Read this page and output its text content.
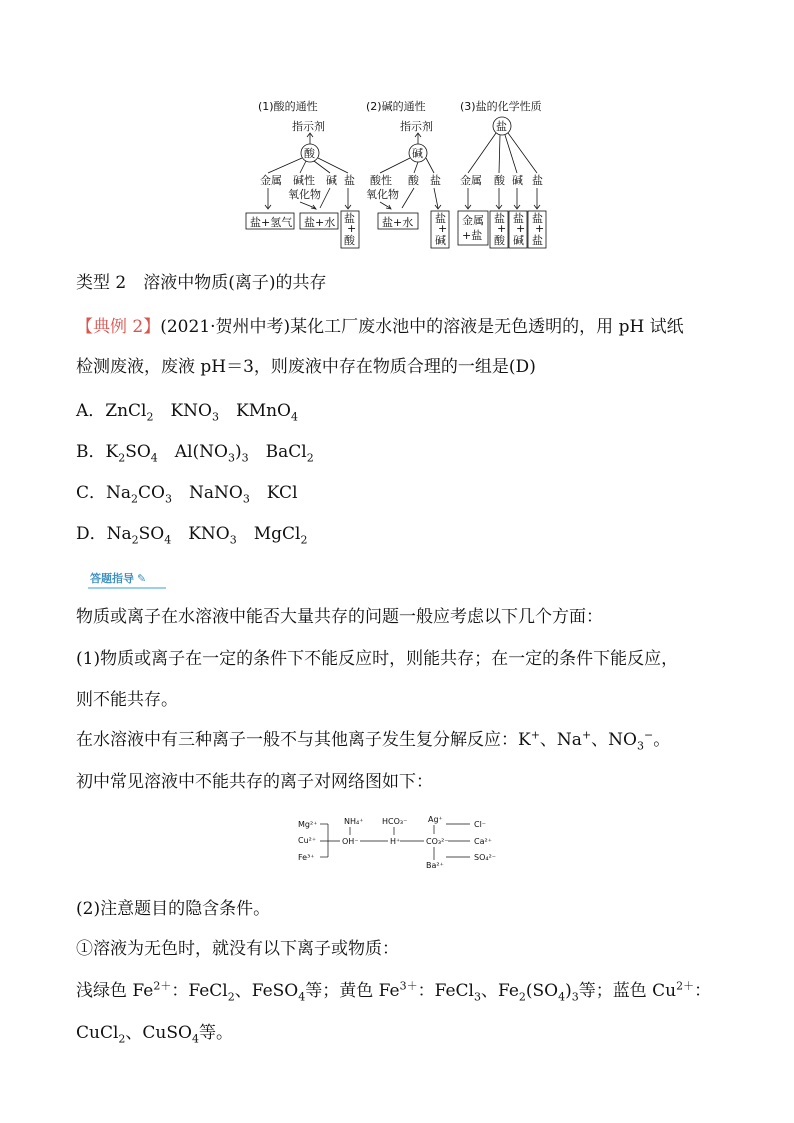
(1)酸的通性
指示剂
酸
金属 碱性
氧化物
碱 盐
盐+氢气 盐+水 盐
+
酸
(2)碱的通性
指示剂
碱
酸性
氧化物
酸 盐
盐+水 盐
+
碱
(3)盐的化学性质
盐
金属 酸 碱 盐
金属
+盐
盐
+
酸
盐
+
碱
盐
+
盐
类型 2　溶液中物质(离子)的共存
【典例 2】(2021·贺州中考)某化工厂废水池中的溶液是无色透明的，用 pH 试纸
检测废液，废液 pH＝3，则废液中存在物质合理的一组是(D)
A．ZnCl$_2$　$KNO_3$　KMnO$_4$
B．$K_2SO_4$　$Al(NO_3)_3$　BaCl$_2$
C．$Na_2CO_3$　NaNO$_3$　KCl
D．$Na_2SO_4$　$KNO_3$　MgCl$_2$
答题指导 ✎
物质或离子在水溶液中能否大量共存的问题一般应考虑以下几个方面：
(1)物质或离子在一定的条件下不能反应时，则能共存；在一定的条件下能反应，
则不能共存。
在水溶液中有三种离子一般不与其他离子发生复分解反应：K+、Na+、$NO_3^-$。
初中常见溶液中不能共存的离子对网络图如下：
Mg²⁺
Cu²⁺
Fe³⁺
NH₄⁺
OH⁻
HCO₃⁻
H⁺
Ag⁺
CO₃²⁻
Ba²⁺
Cl⁻
Ca²⁺
SO₄²⁻
(2)注意题目的隐含条件。
①溶液为无色时，就没有以下离子或物质：
浅绿色 $Fe^{2+}$：FeCl$_2$、FeSO$_4$等；黄色 $Fe^{3+}$：FeCl$_3$、$Fe_2(SO_4)_3$等；蓝色 $Cu^{2+}$：
CuCl$_2$、CuSO$_4$等。
